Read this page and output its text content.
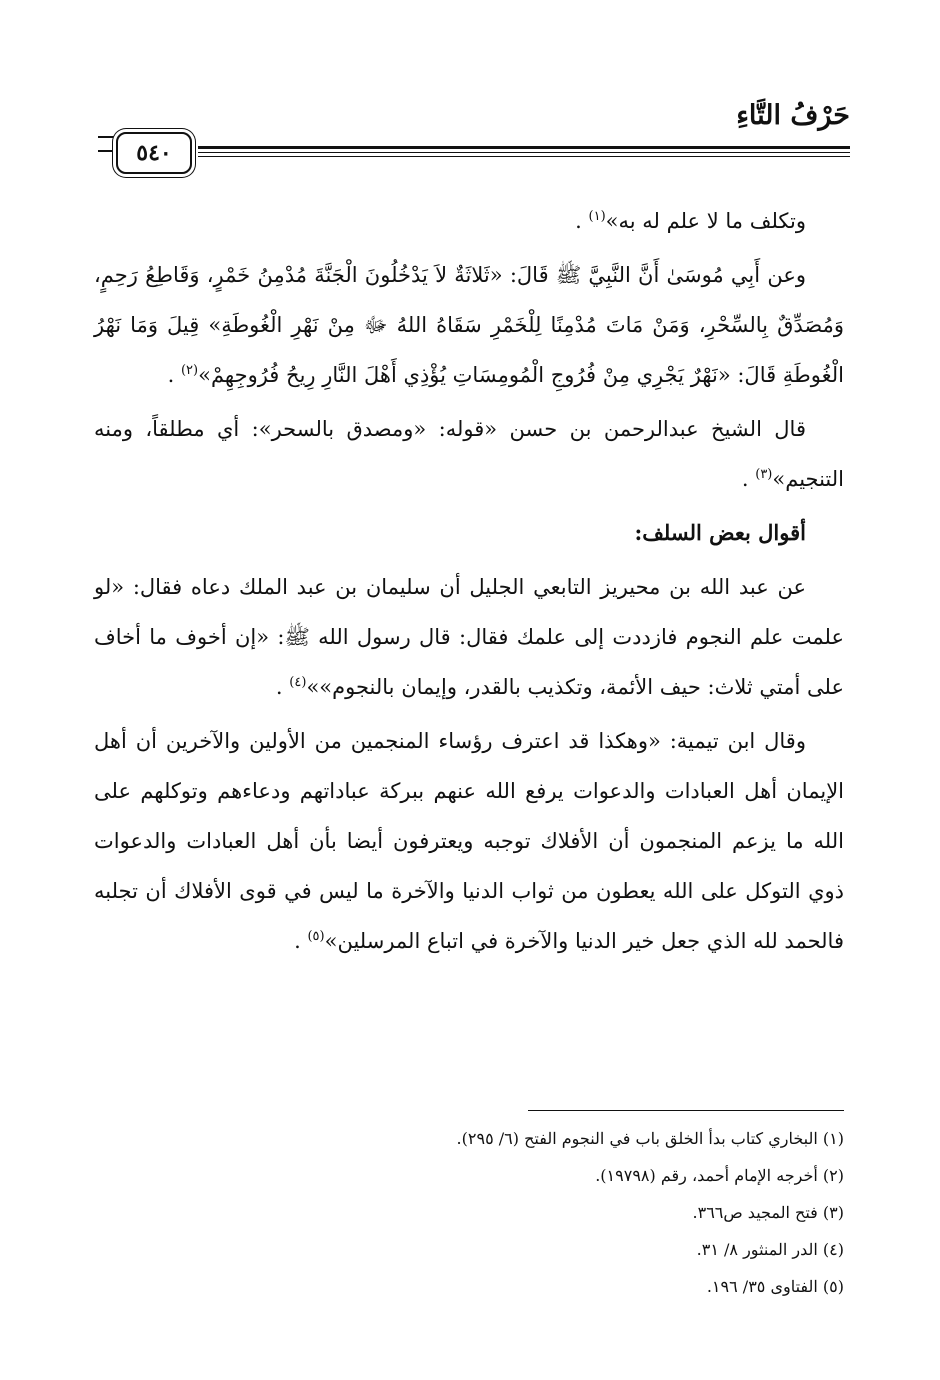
حَرْفُ التَّاءِ
٥٤٠

وتكلف ما لا علم له به»$^{(١)}$ .

وعن أَبِي مُوسَىٰ أَنَّ النَّبِيَّ ﷺ قَالَ: «ثَلاثَةٌ لاَ يَدْخُلُونَ الْجَنَّةَ مُدْمِنُ خَمْرٍ، وَقَاطِعُ رَحِمٍ، وَمُصَدِّقٌ بِالسِّحْرِ، وَمَنْ مَاتَ مُدْمِنًا لِلْخَمْرِ سَقَاهُ اللهُ ﷻ مِنْ نَهْرِ الْغُوطَةِ» قِيلَ وَمَا نَهْرُ الْغُوطَةِ قَالَ: «نَهْرٌ يَجْرِي مِنْ فُرُوجِ الْمُومِسَاتِ يُؤْذِي أَهْلَ النَّارِ رِيحُ فُرُوجِهِمْ»$^{(٢)}$ .

قال الشيخ عبدالرحمن بن حسن «قوله: «ومصدق بالسحر»: أي مطلقاً، ومنه التنجيم»$^{(٣)}$ .

أقوال بعض السلف:

عن عبد الله بن محيريز التابعي الجليل أن سليمان بن عبد الملك دعاه فقال: «لو علمت علم النجوم فازددت إلى علمك فقال: قال رسول الله ﷺ: «إن أخوف ما أخاف على أمتي ثلاث: حيف الأئمة، وتكذيب بالقدر، وإيمان بالنجوم»»$^{(٤)}$ .

وقال ابن تيمية: «وهكذا قد اعترف رؤساء المنجمين من الأولين والآخرين أن أهل الإيمان أهل العبادات والدعوات يرفع الله عنهم ببركة عباداتهم ودعاءهم وتوكلهم على الله ما يزعم المنجمون أن الأفلاك توجبه ويعترفون أيضا بأن أهل العبادات والدعوات ذوي التوكل على الله يعطون من ثواب الدنيا والآخرة ما ليس في قوى الأفلاك أن تجلبه فالحمد لله الذي جعل خير الدنيا والآخرة في اتباع المرسلين»$^{(٥)}$ .

(١) البخاري كتاب بدأ الخلق باب في النجوم الفتح (٦/ ٢٩٥).
(٢) أخرجه الإمام أحمد، رقم (١٩٧٩٨).
(٣) فتح المجيد ص٣٦٦.
(٤) الدر المنثور ٨/ ٣١.
(٥) الفتاوى ٣٥/ ١٩٦.
